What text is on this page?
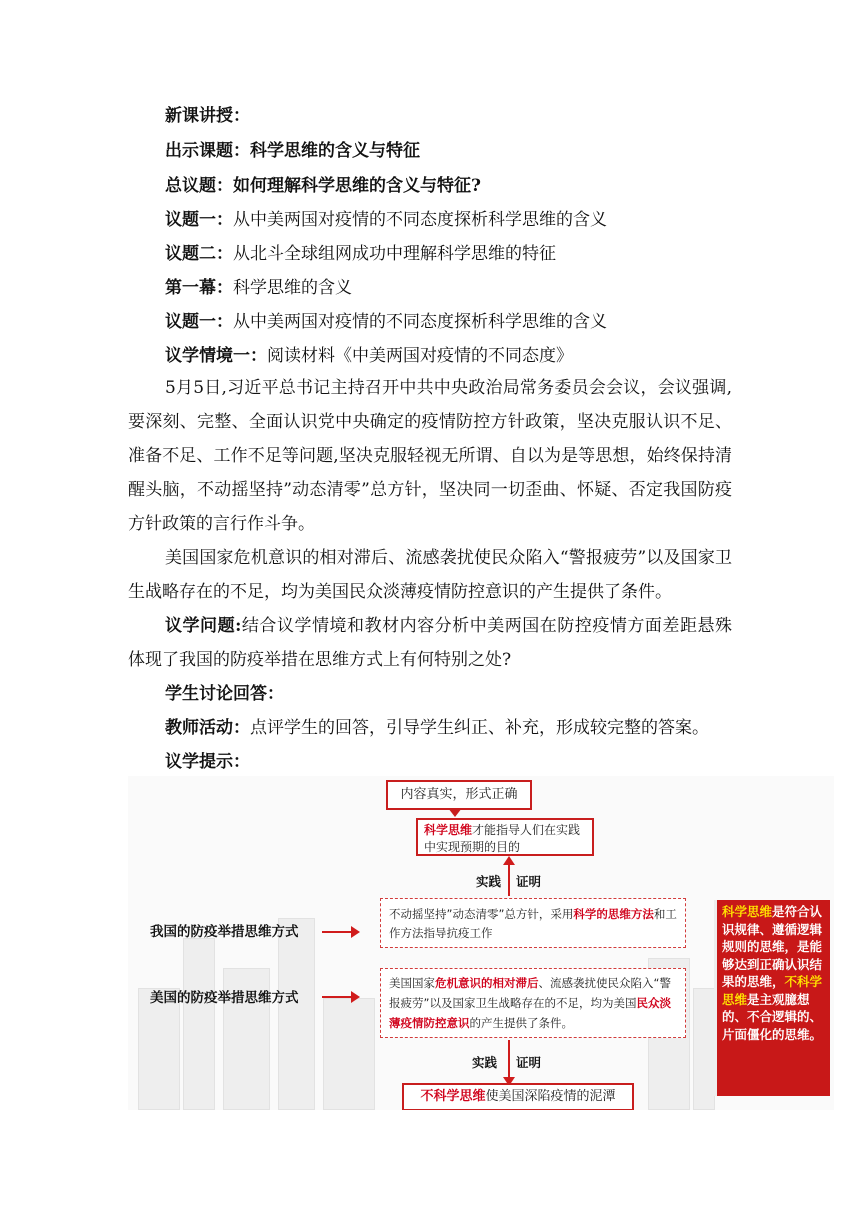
新课讲授：
出示课题：科学思维的含义与特征
总议题：如何理解科学思维的含义与特征?
议题一：从中美两国对疫情的不同态度探析科学思维的含义
议题二：从北斗全球组网成功中理解科学思维的特征
第一幕：科学思维的含义
议题一：从中美两国对疫情的不同态度探析科学思维的含义
议学情境一：阅读材料《中美两国对疫情的不同态度》
5月5日,习近平总书记主持召开中共中央政治局常务委员会会议，会议强调,要深刻、完整、全面认识党中央确定的疫情防控方针政策，坚决克服认识不足、准备不足、工作不足等问题,坚决克服轻视无所谓、自以为是等思想，始终保持清醒头脑，不动摇坚持”动态清零”总方针，坚决同一切歪曲、怀疑、否定我国防疫方针政策的言行作斗争。
美国国家危机意识的相对滞后、流感袭扰使民众陷入“警报疲劳”以及国家卫生战略存在的不足，均为美国民众淡薄疫情防控意识的产生提供了条件。
议学问题:结合议学情境和教材内容分析中美两国在防控疫情方面差距悬殊体现了我国的防疫举措在思维方式上有何特别之处?
学生讨论回答：
教师活动：点评学生的回答，引导学生纠正、补充，形成较完整的答案。
议学提示：
内容真实，形式正确
科学思维才能指导人们在实践中实现预期的目的
实践 证明
不动摇坚持”动态清零”总方针，采用科学的思维方法和工作方法指导抗疫工作
我国的防疫举措思维方式
美国国家危机意识的相对滞后、流感袭扰使民众陷入“警报疲劳”以及国家卫生战略存在的不足，均为美国民众淡薄疫情防控意识的产生提供了条件。
美国的防疫举措思维方式
实践 证明
不科学思维使美国深陷疫情的泥潭
科学思维是符合认识规律、遵循逻辑规则的思维，是能够达到正确认识结果的思维，不科学思维是主观臆想的、不合逻辑的、片面僵化的思维。
